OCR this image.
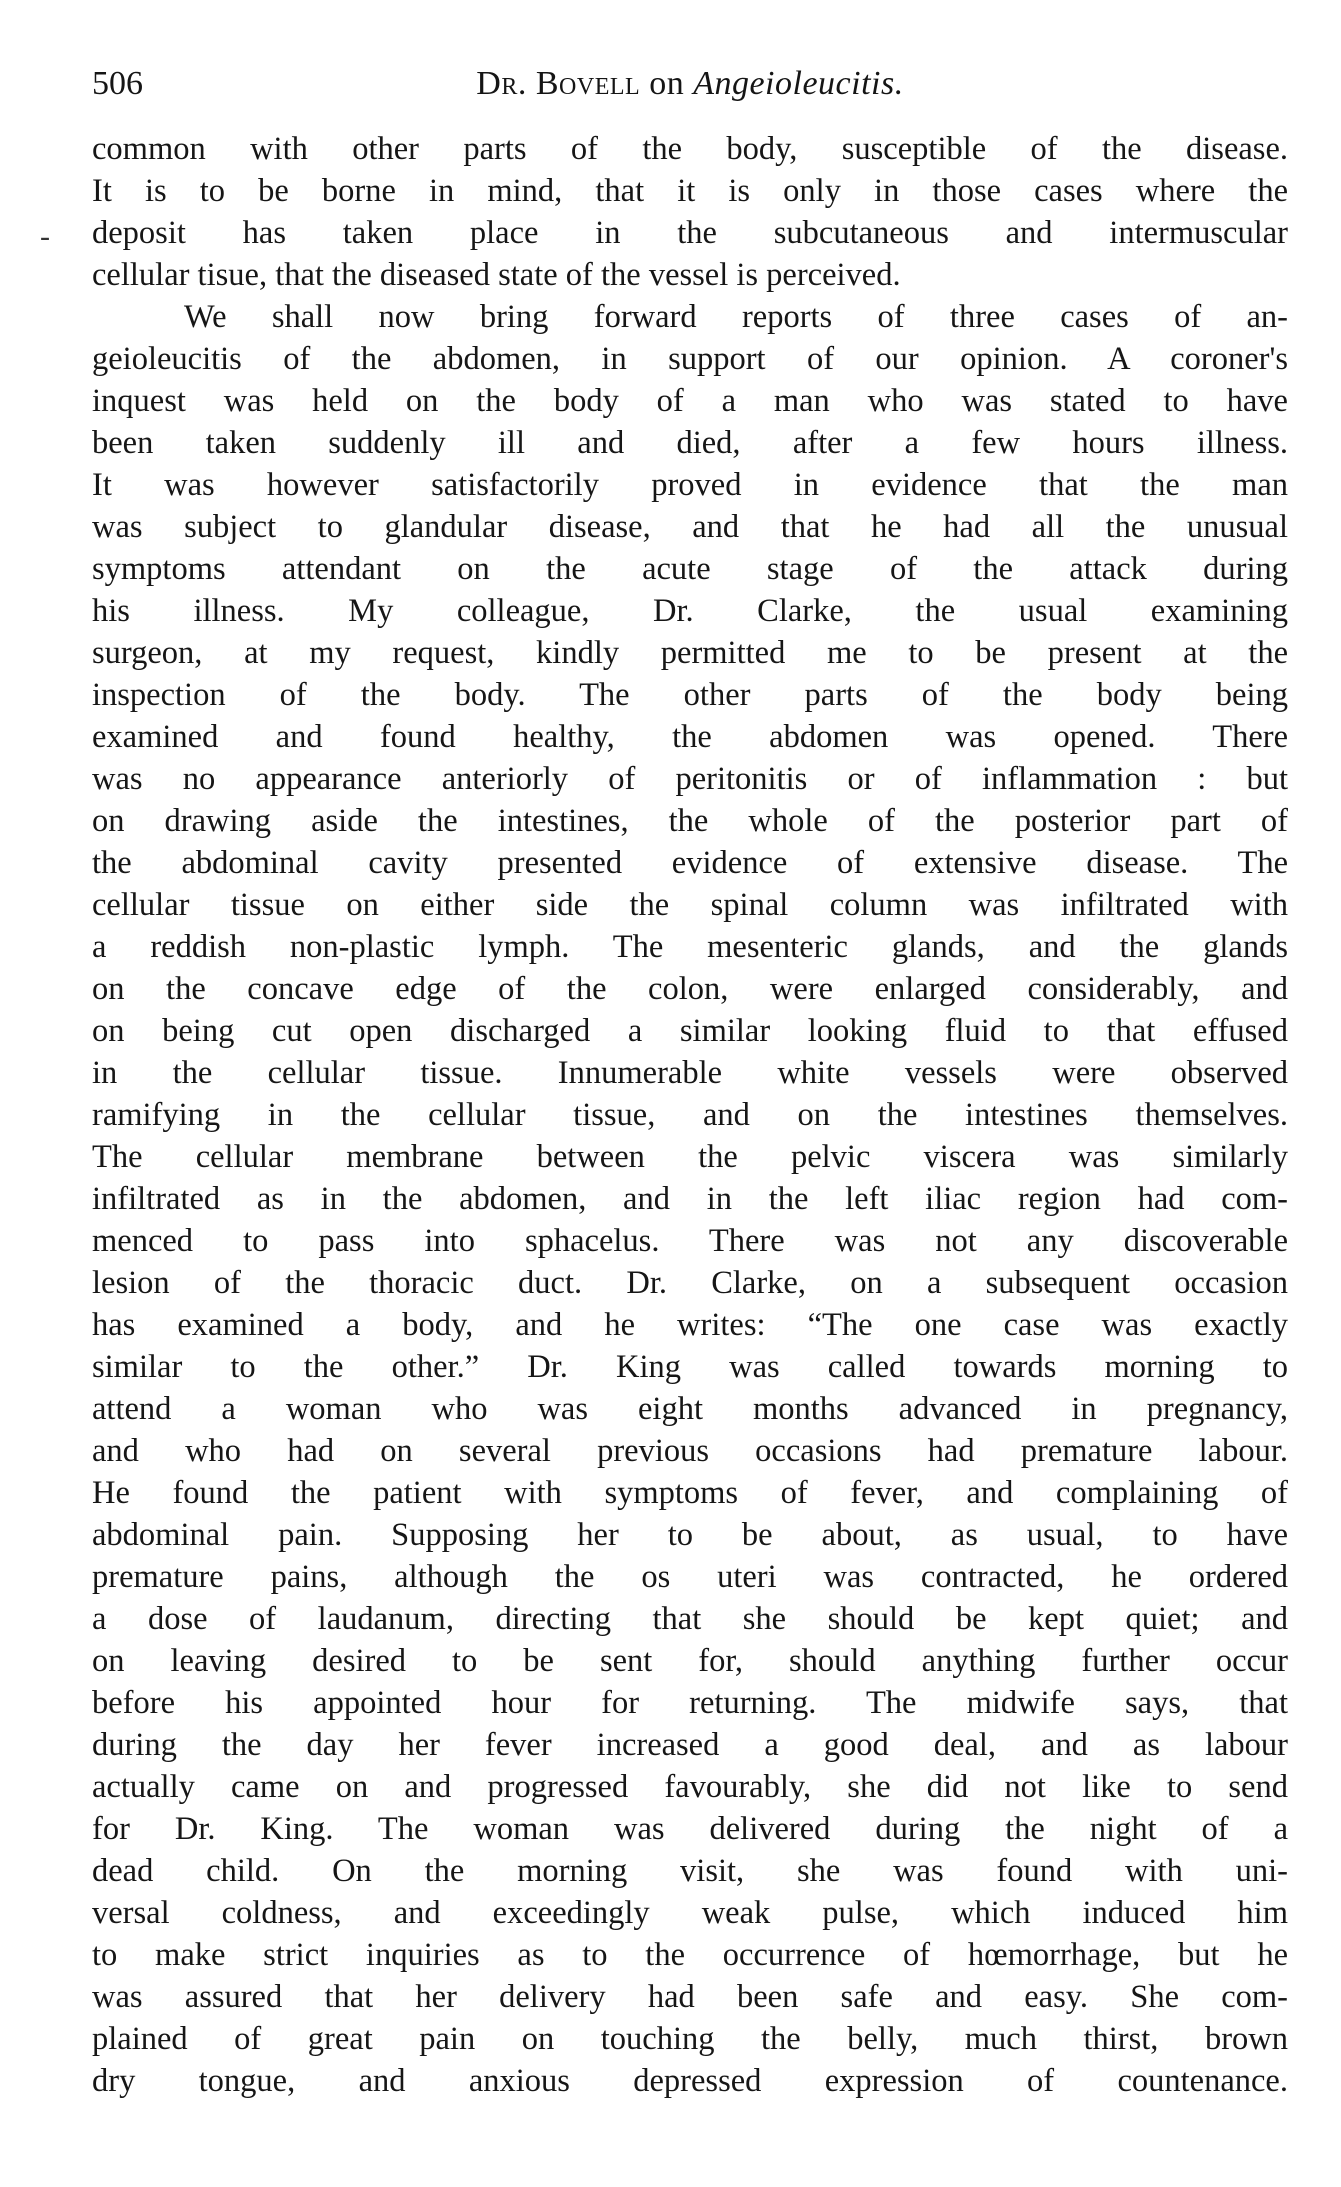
506	Dr. Bovell on Angeioleucitis.
-
common with other parts of the body, susceptible of the disease.
It is to be borne in mind, that it is only in those cases where the
deposit has taken place in the subcutaneous and intermuscular
cellular tisue, that the diseased state of the vessel is perceived.
We shall now bring forward reports of three cases of an-
geioleucitis of the abdomen, in support of our opinion. A coroner's
inquest was held on the body of a man who was stated to have
been taken suddenly ill and died, after a few hours illness.
It was however satisfactorily proved in evidence that the man
was subject to glandular disease, and that he had all the unusual
symptoms attendant on the acute stage of the attack during
his illness. My colleague, Dr. Clarke, the usual examining
surgeon, at my request, kindly permitted me to be present at the
inspection of the body. The other parts of the body being
examined and found healthy, the abdomen was opened. There
was no appearance anteriorly of peritonitis or of inflammation : but
on drawing aside the intestines, the whole of the posterior part of
the abdominal cavity presented evidence of extensive disease. The
cellular tissue on either side the spinal column was infiltrated with
a reddish non-plastic lymph. The mesenteric glands, and the glands
on the concave edge of the colon, were enlarged considerably, and
on being cut open discharged a similar looking fluid to that effused
in the cellular tissue. Innumerable white vessels were observed
ramifying in the cellular tissue, and on the intestines themselves.
The cellular membrane between the pelvic viscera was similarly
infiltrated as in the abdomen, and in the left iliac region had com-
menced to pass into sphacelus. There was not any discoverable
lesion of the thoracic duct. Dr. Clarke, on a subsequent occasion
has examined a body, and he writes: “The one case was exactly
similar to the other.” Dr. King was called towards morning to
attend a woman who was eight months advanced in pregnancy,
and who had on several previous occasions had premature labour.
He found the patient with symptoms of fever, and complaining of
abdominal pain. Supposing her to be about, as usual, to have
premature pains, although the os uteri was contracted, he ordered
a dose of laudanum, directing that she should be kept quiet; and
on leaving desired to be sent for, should anything further occur
before his appointed hour for returning. The midwife says, that
during the day her fever increased a good deal, and as labour
actually came on and progressed favourably, she did not like to send
for Dr. King. The woman was delivered during the night of a
dead child. On the morning visit, she was found with uni-
versal coldness, and exceedingly weak pulse, which induced him
to make strict inquiries as to the occurrence of hœmorrhage, but he
was assured that her delivery had been safe and easy. She com-
plained of great pain on touching the belly, much thirst, brown
dry tongue, and anxious depressed expression of countenance.
